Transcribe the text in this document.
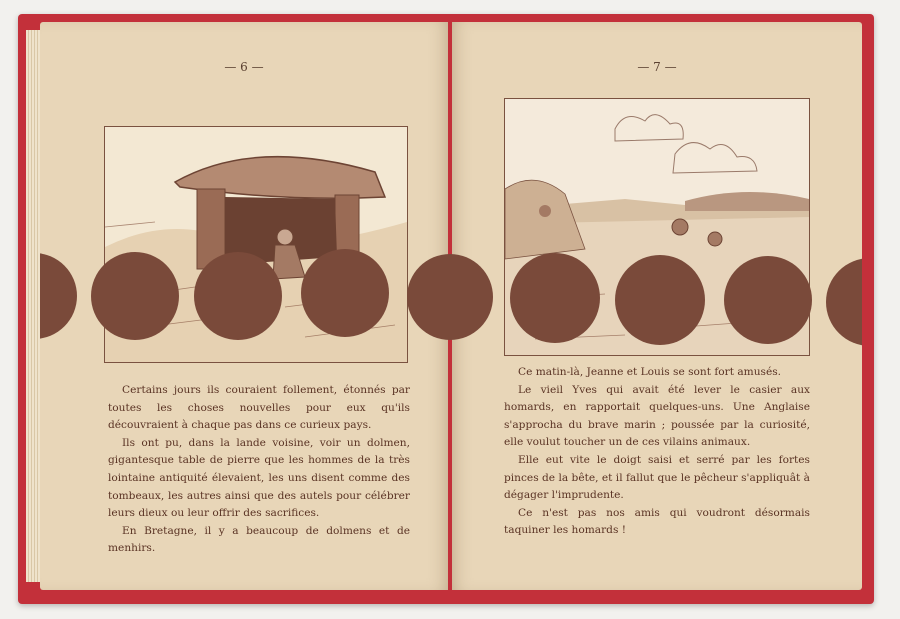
— 6 —

Certains jours ils couraient follement, étonnés par toutes les choses nouvelles pour eux qu'ils découvraient à chaque pas dans ce curieux pays.

Ils ont pu, dans la lande voisine, voir un dolmen, gigantesque table de pierre que les hommes de la très lointaine antiquité élevaient, les uns disent comme des tombeaux, les autres ainsi que des autels pour célébrer leurs dieux ou leur offrir des sacrifices.

En Bretagne, il y a beaucoup de dolmens et de menhirs.

— 7 —

Ce matin-là, Jeanne et Louis se sont fort amusés.

Le vieil Yves qui avait été lever le casier aux homards, en rapportait quelques-uns. Une Anglaise s'approcha du brave marin ; poussée par la curiosité, elle voulut toucher un de ces vilains animaux.

Elle eut vite le doigt saisi et serré par les fortes pinces de la bête, et il fallut que le pêcheur s'appliquât à dégager l'imprudente.

Ce n'est pas nos amis qui voudront désormais taquiner les homards !
